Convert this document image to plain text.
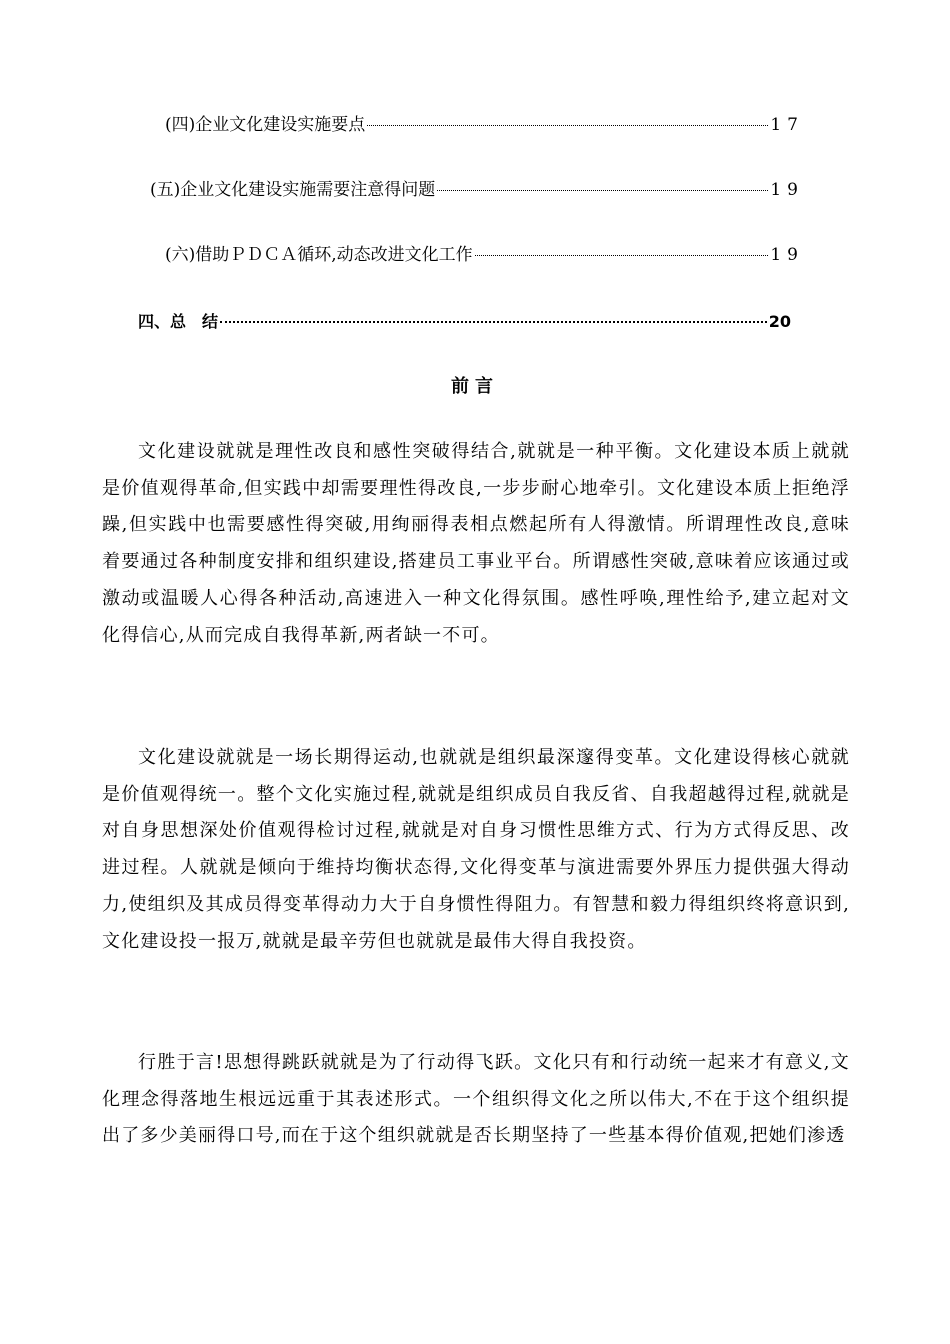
(四)企业文化建设实施要点	17
(五)企业文化建设实施需要注意得问题	19
(六)借助ＰＤＣＡ循环,动态改进文化工作	19
四、总　结	20
前言

文化建设就就是理性改良和感性突破得结合,就就是一种平衡。文化建设本质上就就是价值观得革命,但实践中却需要理性得改良,一步步耐心地牵引。文化建设本质上拒绝浮躁,但实践中也需要感性得突破,用绚丽得表相点燃起所有人得激情。所谓理性改良,意味着要通过各种制度安排和组织建设,搭建员工事业平台。所谓感性突破,意味着应该通过或激动或温暖人心得各种活动,高速进入一种文化得氛围。感性呼唤,理性给予,建立起对文化得信心,从而完成自我得革新,两者缺一不可。

文化建设就就是一场长期得运动,也就就是组织最深邃得变革。文化建设得核心就就是价值观得统一。整个文化实施过程,就就是组织成员自我反省、自我超越得过程,就就是对自身思想深处价值观得检讨过程,就就是对自身习惯性思维方式、行为方式得反思、改进过程。人就就是倾向于维持均衡状态得,文化得变革与演进需要外界压力提供强大得动力,使组织及其成员得变革得动力大于自身惯性得阻力。有智慧和毅力得组织终将意识到,文化建设投一报万,就就是最辛劳但也就就是最伟大得自我投资。

行胜于言!思想得跳跃就就是为了行动得飞跃。文化只有和行动统一起来才有意义,文化理念得落地生根远远重于其表述形式。一个组织得文化之所以伟大,不在于这个组织提出了多少美丽得口号,而在于这个组织就就是否长期坚持了一些基本得价值观,把她们渗透
